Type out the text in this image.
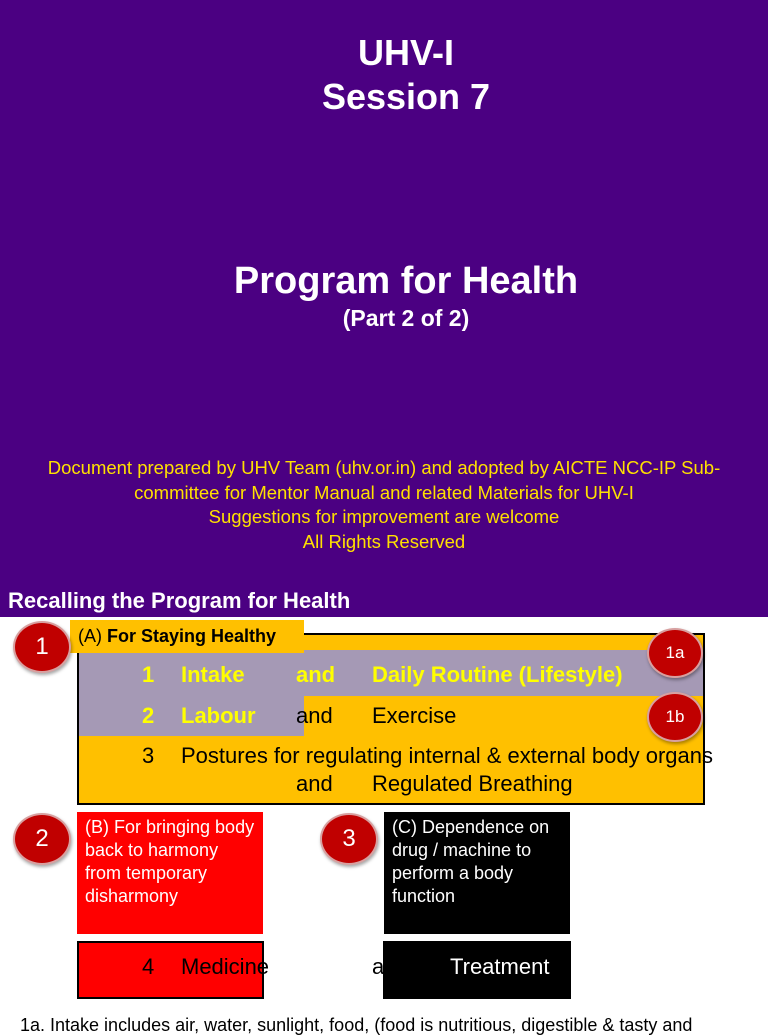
UHV-I
Session 7
Program for Health
(Part 2 of 2)
Document prepared by UHV Team (uhv.or.in) and adopted by AICTE NCC-IP Sub-
committee for Mentor Manual and related Materials for UHV-I
Suggestions for improvement are welcome
All Rights Reserved
Recalling the Program for Health
(A) For Staying Healthy
1 Intake and Daily Routine (Lifestyle)
2 Labour and Exercise
3 Postures for regulating internal & external body organs
and Regulated Breathing
1	1a
1b
2	3
(B) For bringing body back to harmony from temporary disharmony
(C) Dependence on drug / machine to perform a body function
4 Medicine	and Treatment
1a. Intake includes air, water, sunlight, food, (food is nutritious, digestible & tasty and
